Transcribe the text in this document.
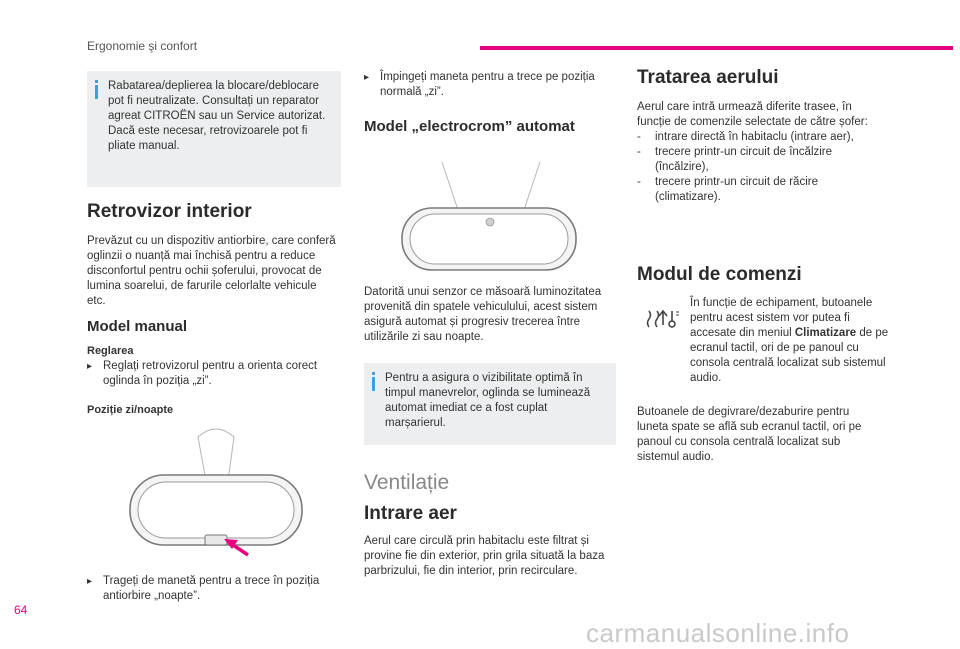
Ergonomie şi confort

Rabatarea/deplierea la blocare/deblocare pot fi neutralizate. Consultați un reparator agreat CITROËN sau un Service autorizat.
Dacă este necesar, retrovizoarele pot fi pliate manual.

Retrovizor interior

Prevăzut cu un dispozitiv antiorbire, care conferă oglinzii o nuanță mai închisă pentru a reduce disconfortul pentru ochii șoferului, provocat de lumina soarelui, de farurile celorlalte vehicule etc.

Model manual
Reglarea
▸ Reglați retrovizorul pentru a orienta corect oglinda în poziția „zi”.
Poziție zi/noapte
▸ Trageți de manetă pentru a trece în poziția antiorbire „noapte”.
▸ Împingeți maneta pentru a trece pe poziția normală „zi”.
Model „electrocrom” automat

Datorită unui senzor ce măsoară luminozitatea provenită din spatele vehiculului, acest sistem asigură automat și progresiv trecerea între utilizările zi sau noapte.

Pentru a asigura o vizibilitate optimă în timpul manevrelor, oglinda se luminează automat imediat ce a fost cuplat marșarierul.

Ventilație
Intrare aer

Aerul care circulă prin habitaclu este filtrat și provine fie din exterior, prin grila situată la baza parbrizului, fie din interior, prin recirculare.

Tratarea aerului

Aerul care intră urmează diferite trasee, în funcție de comenzile selectate de către șofer:

- intrare directă în habitaclu (intrare aer),
- trecere printr-un circuit de încălzire (încălzire),
- trecere printr-un circuit de răcire (climatizare).
Modul de comenzi

În funcție de echipament, butoanele pentru acest sistem vor putea fi accesate din meniul Climatizare de pe ecranul tactil, ori de pe panoul cu consola centrală localizat sub sistemul audio.

Butoanele de degivrare/dezaburire pentru luneta spate se află sub ecranul tactil, ori pe panoul cu consola centrală localizat sub sistemul audio.

64
carmanualsonline.info
